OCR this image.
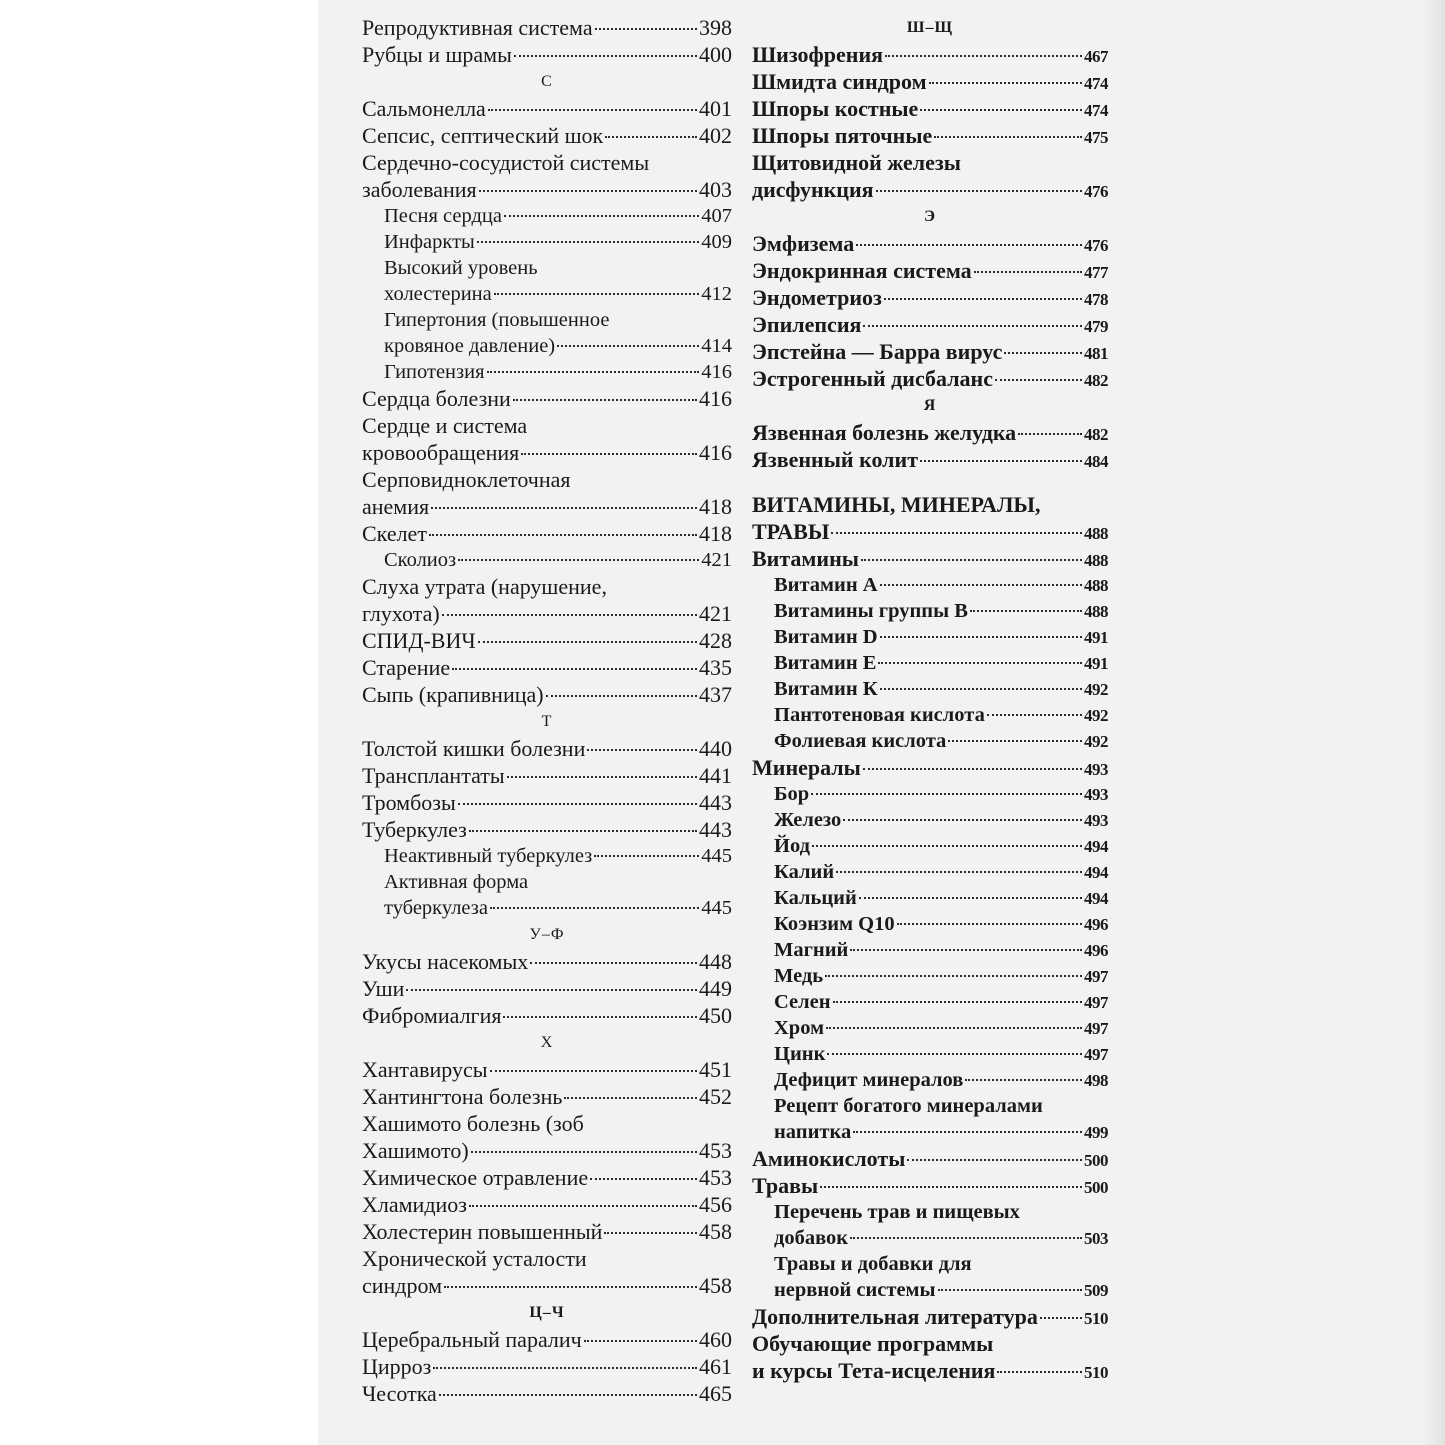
Репродуктивная система	398
Рубцы и шрамы	400
С
Сальмонелла	401
Сепсис, септический шок	402
Сердечно-сосудистой системы
заболевания	403
Песня сердца	407
Инфаркты	409
Высокий уровень
холестерина	412
Гипертония (повышенное
кровяное давление)	414
Гипотензия	416
Сердца болезни	416
Сердце и система
кровообращения	416
Серповидноклеточная
анемия	418
Скелет	418
Сколиоз	421
Слуха утрата (нарушение,
глухота)	421
СПИД-ВИЧ	428
Старение	435
Сыпь (крапивница)	437
Т
Толстой кишки болезни	440
Трансплантаты	441
Тромбозы	443
Туберкулез	443
Неактивный туберкулез	445
Активная форма
туберкулеза	445
У–Ф
Укусы насекомых	448
Уши	449
Фибромиалгия	450
Х
Хантавирусы	451
Хантингтона болезнь	452
Хашимото болезнь (зоб
Хашимото)	453
Химическое отравление	453
Хламидиоз	456
Холестерин повышенный	458
Хронической усталости
синдром	458
Ц–Ч
Церебральный паралич	460
Цирроз	461
Чесотка	465
Ш–Щ
Шизофрения	467
Шмидта синдром	474
Шпоры костные	474
Шпоры пяточные	475
Щитовидной железы
дисфункция	476
Э
Эмфизема	476
Эндокринная система	477
Эндометриоз	478
Эпилепсия	479
Эпстейна — Барра вирус	481
Эстрогенный дисбаланс	482
Я
Язвенная болезнь желудка	482
Язвенный колит	484
ВИТАМИНЫ, МИНЕРАЛЫ,
ТРАВЫ	488
Витамины	488
Витамин А	488
Витамины группы В	488
Витамин D	491
Витамин Е	491
Витамин К	492
Пантотеновая кислота	492
Фолиевая кислота	492
Минералы	493
Бор	493
Железо	493
Йод	494
Калий	494
Кальций	494
Коэнзим Q10	496
Магний	496
Медь	497
Селен	497
Хром	497
Цинк	497
Дефицит минералов	498
Рецепт богатого минералами
напитка	499
Аминокислоты	500
Травы	500
Перечень трав и пищевых
добавок	503
Травы и добавки для
нервной системы	509
Дополнительная литература	510
Обучающие программы
и курсы Тета-исцеления	510
